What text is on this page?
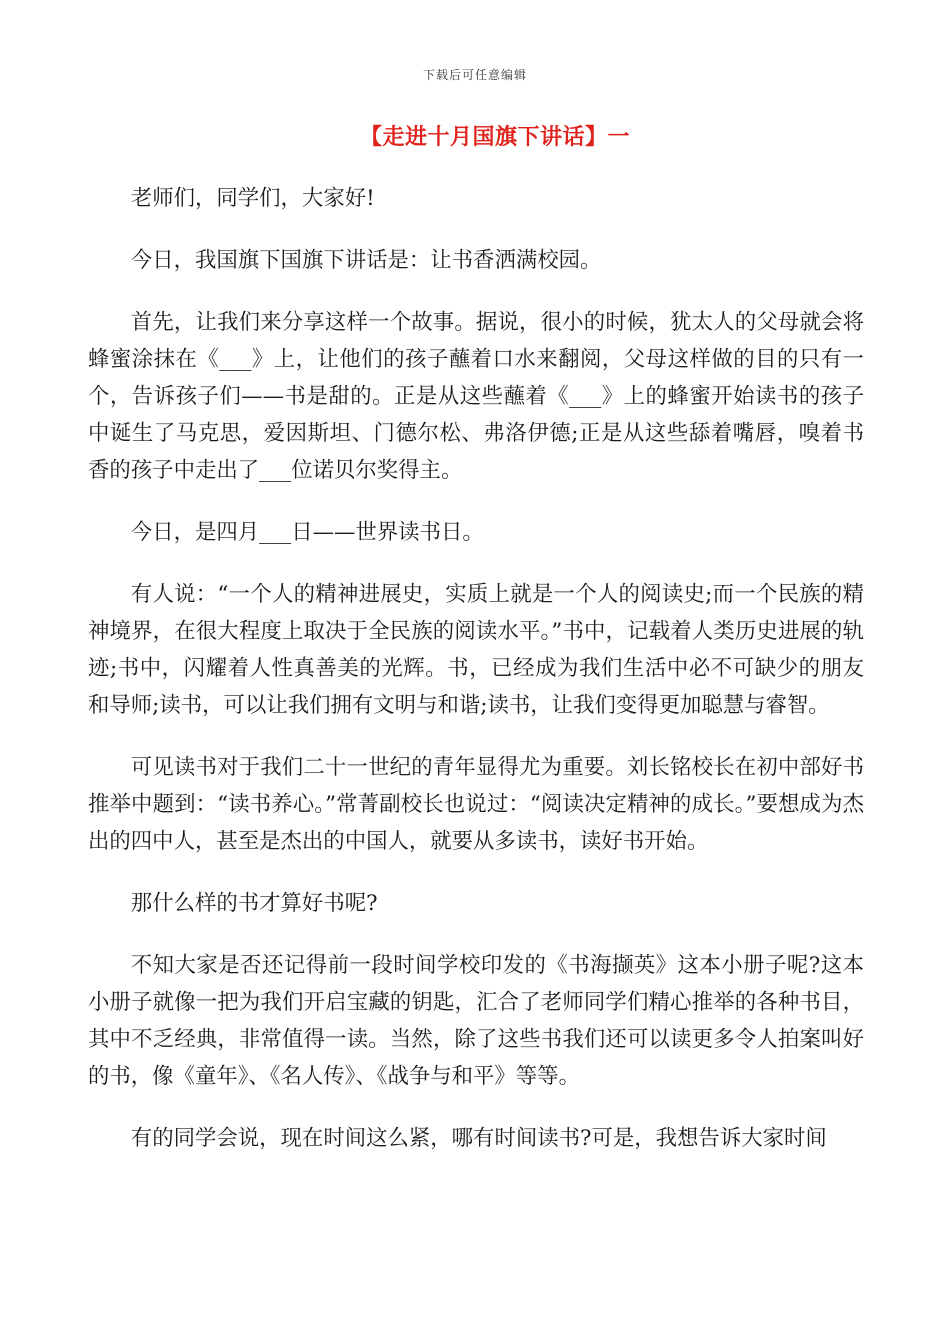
下载后可任意编辑
【走进十月国旗下讲话】一

老师们，同学们，大家好!

今日，我国旗下国旗下讲话是：让书香洒满校园。

首先，让我们来分享这样一个故事。据说，很小的时候，犹太人的父母就会将蜂蜜涂抹在《___》上，让他们的孩子蘸着口水来翻阅，父母这样做的目的只有一个，告诉孩子们——书是甜的。正是从这些蘸着《___》上的蜂蜜开始读书的孩子中诞生了马克思，爱因斯坦、门德尔松、弗洛伊德;正是从这些舔着嘴唇，嗅着书香的孩子中走出了___位诺贝尔奖得主。

今日，是四月___日——世界读书日。

有人说：“一个人的精神进展史，实质上就是一个人的阅读史;而一个民族的精神境界，在很大程度上取决于全民族的阅读水平。”书中，记载着人类历史进展的轨迹;书中，闪耀着人性真善美的光辉。书，已经成为我们生活中必不可缺少的朋友和导师;读书，可以让我们拥有文明与和谐;读书，让我们变得更加聪慧与睿智。

可见读书对于我们二十一世纪的青年显得尤为重要。刘长铭校长在初中部好书推举中题到：“读书养心。”常菁副校长也说过：“阅读决定精神的成长。”要想成为杰出的四中人，甚至是杰出的中国人，就要从多读书，读好书开始。

那什么样的书才算好书呢?

不知大家是否还记得前一段时间学校印发的《书海撷英》这本小册子呢?这本小册子就像一把为我们开启宝藏的钥匙，汇合了老师同学们精心推举的各种书目，其中不乏经典，非常值得一读。当然，除了这些书我们还可以读更多令人拍案叫好的书，像《童年》、《名人传》、《战争与和平》等等。

有的同学会说，现在时间这么紧，哪有时间读书?可是，我想告诉大家时间
